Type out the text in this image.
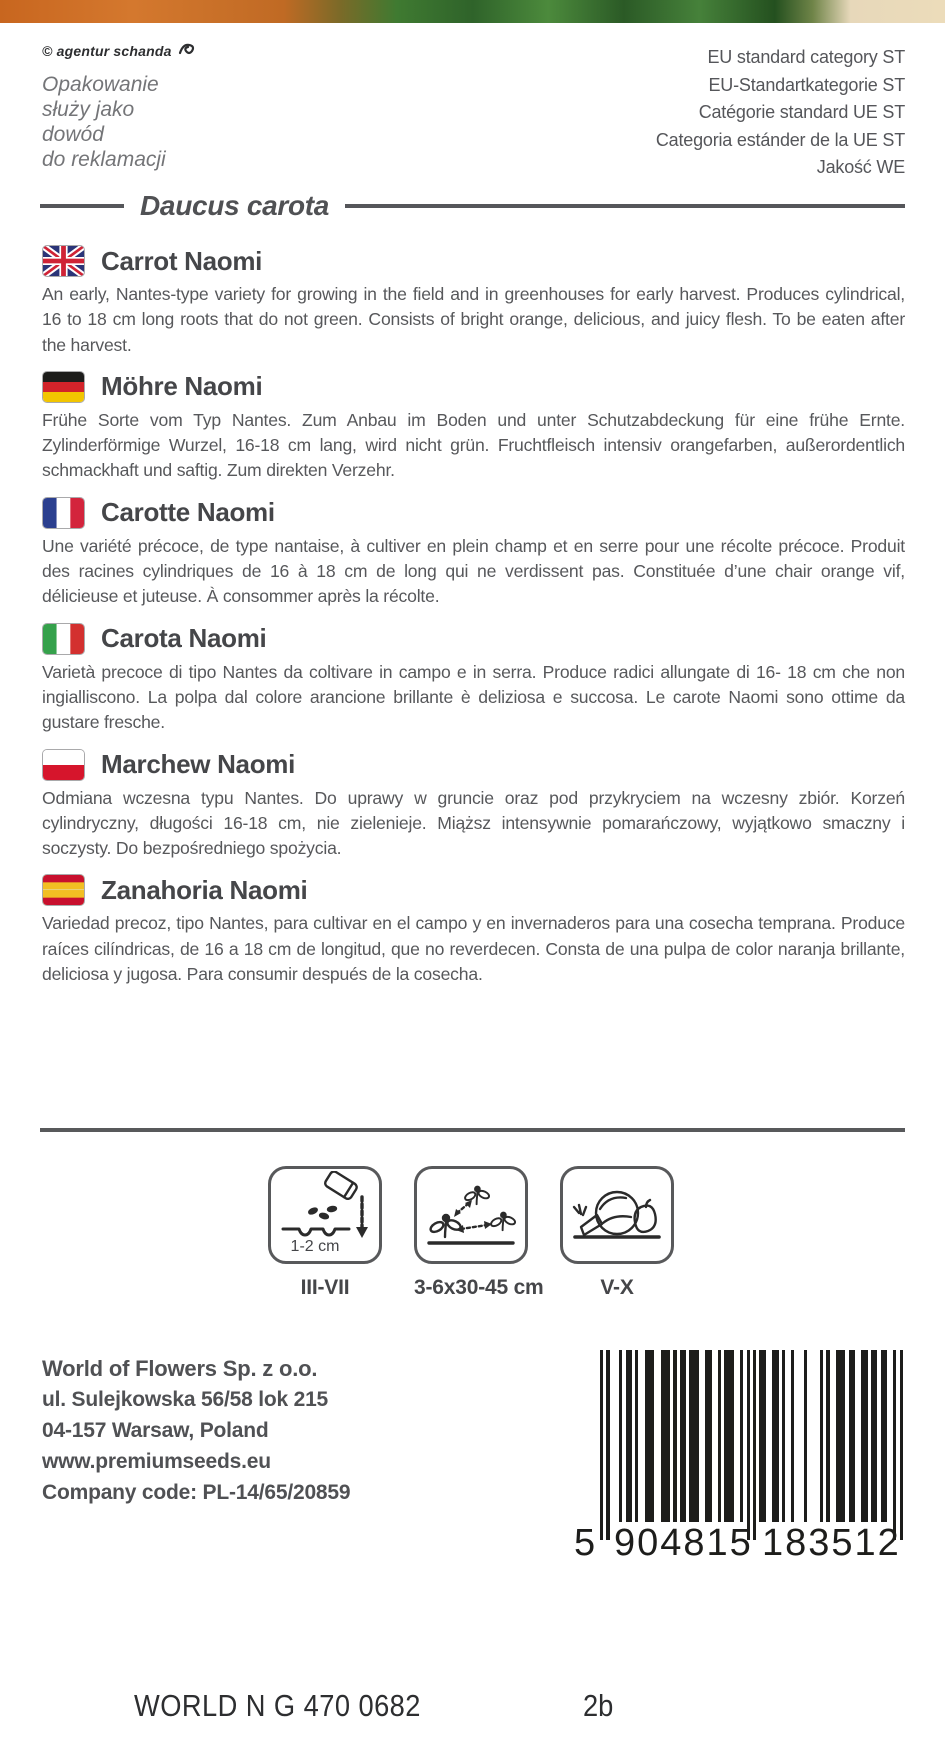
© agentur schanda
Opakowanie
służy jako
dowód
do reklamacji
EU standard category ST
EU-Standartkategorie ST
Catégorie standard UE ST
Categoria estánder de la UE ST
Jakość WE
Daucus carota
Carrot Naomi

An early, Nantes-type variety for growing in the field and in greenhouses for early harvest. Produces cylindrical, 16 to 18 cm long roots that do not green. Consists of bright orange, delicious, and juicy flesh. To be eaten after the harvest.

Möhre Naomi

Frühe Sorte vom Typ Nantes. Zum Anbau im Boden und unter Schutzabdeckung für eine frühe Ernte. Zylinderförmige Wurzel, 16-18 cm lang, wird nicht grün. Fruchtfleisch intensiv orangefarben, außerordentlich schmackhaft und saftig. Zum direkten Verzehr.

Carotte Naomi

Une variété précoce, de type nantaise, à cultiver en plein champ et en serre pour une récolte précoce. Produit des racines cylindriques de 16 à 18 cm de long qui ne verdissent pas. Constituée d’une chair orange vif, délicieuse et juteuse. À consommer après la récolte.

Carota Naomi

Varietà precoce di tipo Nantes da coltivare in campo e in serra. Produce radici allungate di 16- 18 cm che non ingialliscono. La polpa dal colore arancione brillante è deliziosa e succosa. Le carote Naomi sono ottime da gustare fresche.

Marchew Naomi

Odmiana wczesna typu Nantes. Do uprawy w gruncie oraz pod przykryciem na wczesny zbiór. Korzeń cylindryczny, długości 16-18 cm, nie zielenieje. Miąższ intensywnie pomarańczowy, wyjątkowo smaczny i soczysty. Do bezpośredniego spożycia.

Zanahoria Naomi

Variedad precoz, tipo Nantes, para cultivar en el campo y en invernaderos para una cosecha temprana. Produce raíces cilíndricas, de 16 a 18 cm de longitud, que no reverdecen. Consta de una pulpa de color naranja brillante, deliciosa y jugosa. Para consumir después de la cosecha.

1-2 cm
III-VII	3-6x30-45 cm	V-X
World of Flowers Sp. z o.o.
ul. Sulejkowska 56/58 lok 215
04-157 Warsaw, Poland
www.premiumseeds.eu
Company code: PL-14/65/20859
5 904815 183512
WORLD N G 470 0682	2b
